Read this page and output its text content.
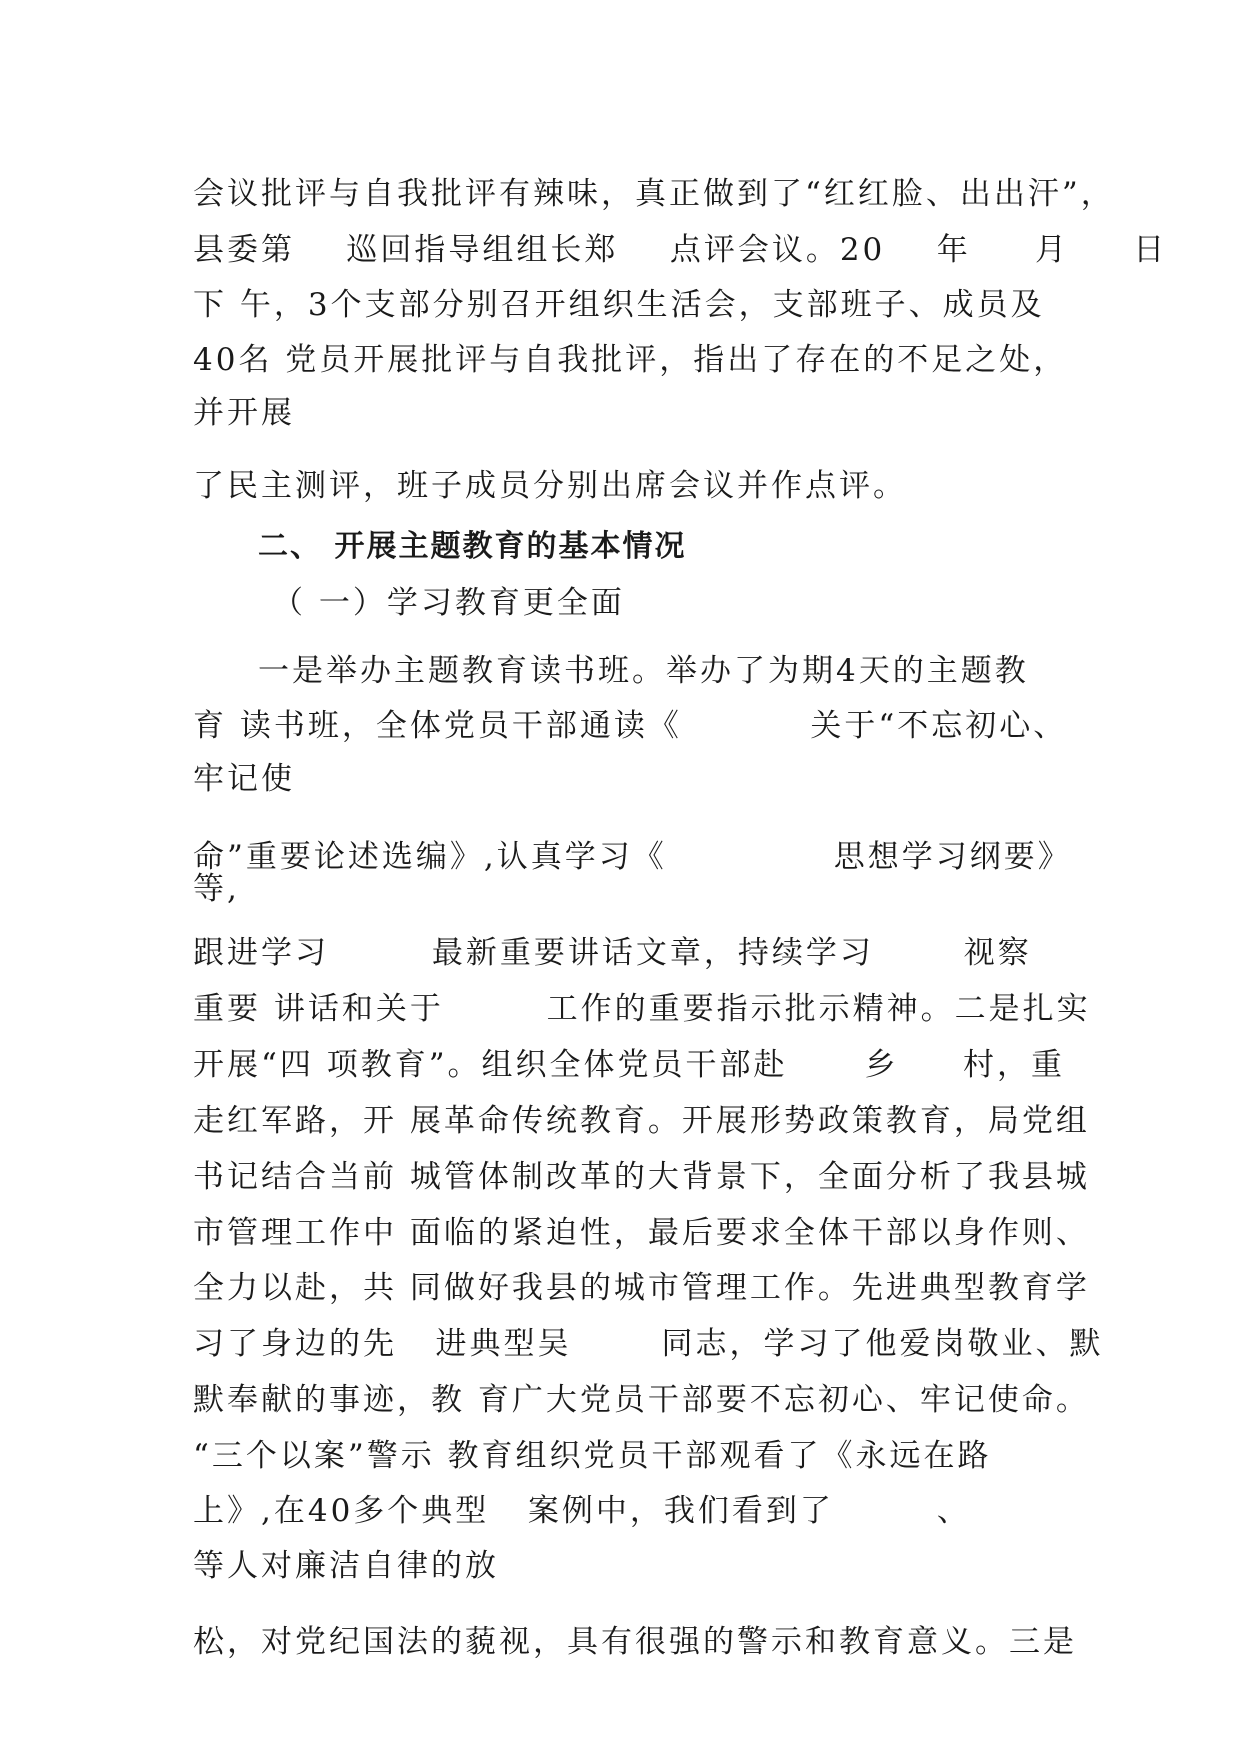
会议批评与自我批评有辣味，真正做到了“红红脸、出出汗”，
县委第    巡回指导组组长郑    点评会议。20    年     月     日
下 午，3个支部分别召开组织生活会，支部班子、成员及
40名 党员开展批评与自我批评，指出了存在的不足之处，
并开展
了民主测评，班子成员分别出席会议并作点评。
二、 开展主题教育的基本情况
（ 一）学习教育更全面
一是举办主题教育读书班。举办了为期4天的主题教
育 读书班，全体党员干部通读《          关于“不忘初心、
牢记使
命”重要论述选编》,认真学习《             思想学习纲要》
等,
跟进学习        最新重要讲话文章，持续学习       视察
重要 讲话和关于        工作的重要指示批示精神。二是扎实
开展“四 项教育”。组织全体党员干部赴      乡     村，重
走红军路，开 展革命传统教育。开展形势政策教育，局党组
书记结合当前 城管体制改革的大背景下，全面分析了我县城
市管理工作中 面临的紧迫性，最后要求全体干部以身作则、
全力以赴，共 同做好我县的城市管理工作。先进典型教育学
习了身边的先   进典型吴       同志，学习了他爱岗敬业、默
默奉献的事迹，教 育广大党员干部要不忘初心、牢记使命。
“三个以案”警示 教育组织党员干部观看了《永远在路
上》,在40多个典型   案例中，我们看到了        、
等人对廉洁自律的放
松，对党纪国法的藐视，具有很强的警示和教育意义。三是
